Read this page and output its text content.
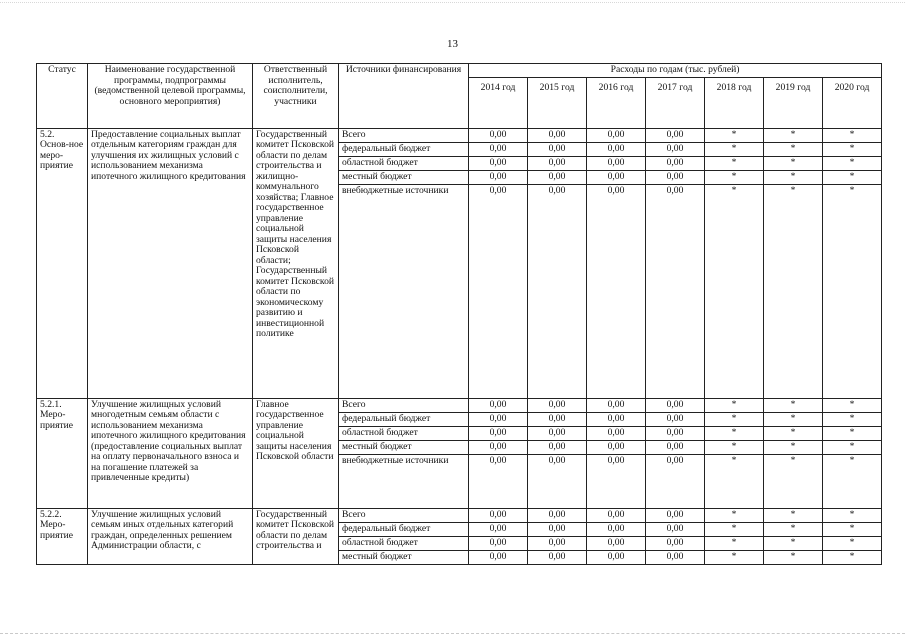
13
Статус	Наименование государственной программы, подпрограммы (ведомственной целевой программы, основного мероприятия)	Ответственный исполнитель, соисполнители, участники	Источники финансирования	Расходы по годам (тыс. рублей)						
				2014 год	2015 год	2016 год	2017 год	2018 год	2019 год	2020 год
5.2. Основ-ное меро-приятие	Предоставление социальных выплат отдельным категориям граждан для улучшения их жилищных условий с использованием механизма ипотечного жилищного кредитования	Государственный комитет Псковской области по делам строительства и жилищно-коммунального хозяйства; Главное государственное управление социальной защиты населения Псковской области; Государственный комитет Псковской области по экономическому развитию и инвестиционной политике	Всего	0,00	0,00	0,00	0,00	*	*	*
			федеральный бюджет	0,00	0,00	0,00	0,00	*	*	*
			областной бюджет	0,00	0,00	0,00	0,00	*	*	*
			местный бюджет	0,00	0,00	0,00	0,00	*	*	*
			внебюджетные источники	0,00	0,00	0,00	0,00	*	*	*
5.2.1. Меро-приятие	Улучшение жилищных условий многодетным семьям области с использованием механизма ипотечного жилищного кредитования (предоставление социальных выплат на оплату первоначального взноса и на погашение платежей за привлеченные кредиты)	Главное государственное управление социальной защиты населения Псковской области	Всего	0,00	0,00	0,00	0,00	*	*	*
			федеральный бюджет	0,00	0,00	0,00	0,00	*	*	*
			областной бюджет	0,00	0,00	0,00	0,00	*	*	*
			местный бюджет	0,00	0,00	0,00	0,00	*	*	*
			внебюджетные источники	0,00	0,00	0,00	0,00	*	*	*
5.2.2. Меро-приятие	Улучшение жилищных условий семьям иных отдельных категорий граждан, определенных решением Администрации области, с	Государственный комитет Псковской области по делам строительства и	Всего	0,00	0,00	0,00	0,00	*	*	*
			федеральный бюджет	0,00	0,00	0,00	0,00	*	*	*
			областной бюджет	0,00	0,00	0,00	0,00	*	*	*
			местный бюджет	0,00	0,00	0,00	0,00	*	*	*
